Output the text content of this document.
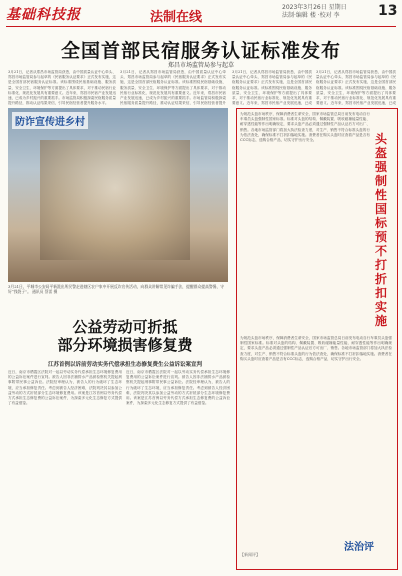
基础科技报	法制在线
2023年3月26日 星期日
法制·编辑 楼 ·校对 李	13
全国首部民宿服务认证标准发布
郑昌市场监管局参与起草
3月21日，记者从郑昌市场监管局获悉，由中国质量认证中心牵头、郑昌市场监管局参与起草的《民宿服务认证要求》正式发布实施，这是全国首部民宿服务认证标准。该标准围绕民宿基础设施、服务质量、安全卫生、环境保护等方面提出了具体要求，对于推动民宿行业标准化、规范化发展具有重要意义。近年来，郑昌市民宿产业发展迅速，已成为乡村振兴的重要抓手。市场监管局积极探索民宿服务质量提升路径，推动认证结果采信，引导民宿经营者提升服务水平。
3月21日，记者从郑昌市场监管局获悉，由中国质量认证中心牵头、郑昌市场监管局参与起草的《民宿服务认证要求》正式发布实施，这是全国首部民宿服务认证标准。该标准围绕民宿基础设施、服务质量、安全卫生、环境保护等方面提出了具体要求，对于推动民宿行业标准化、规范化发展具有重要意义。近年来，郑昌市民宿产业发展迅速，已成为乡村振兴的重要抓手。市场监管局积极探索民宿服务质量提升路径，推动认证结果采信，引导民宿经营者提升
3月21日，记者从郑昌市场监管局获悉，由中国质量认证中心牵头、郑昌市场监管局参与起草的《民宿服务认证要求》正式发布实施，这是全国首部民宿服务认证标准。该标准围绕民宿基础设施、服务质量、安全卫生、环境保护等方面提出了具体要求，对于推动民宿行业标准化、规范化发展具有重要意义。近年来，郑昌市民宿产业发展迅速，已成
3月21日，记者从郑昌市场监管局获悉，由中国质量认证中心牵头、郑昌市场监管局参与起草的《民宿服务认证要求》正式发布实施，这是全国首部民宿服务认证标准。该标准围绕民宿基础设施、服务质量、安全卫生、环境保护等方面提出了具体要求，对于推动民宿行业标准化、规范化发展具有重要意义。近年来，郑昌市民宿产业发展迅速，已成
防诈宣传进乡村
3月21日，平城市公安局平新派出所民警走进辖区农户家中开展反诈宣传活动，向群众讲解常见诈骗手法，提醒群众提高警惕，守好“钱袋子”。 通讯员 蔡雷 摄
公益劳动可折抵
部分环境损害修复费
江苏首例以诉前劳动实务代偿承担生态修复费生公益诉讼案宣判
近日，南京市栖霞区法院对一起以劳动实务代偿承担生态环境修复费用的公益诉讼案件进行宣判。被告人因非法捕捞水产品被检察机关提起刑事附带民事公益诉讼。法院经审理认为，被告人的行为破坏了生态环境，应当承担修复责任。考虑到被告人经济困难，法院判决其以参加公益劳动的方式折抵部分生态环境修复费用。该案是江苏首例以劳务代偿方式承担生态修复费的公益诉讼案件，为探索多元化生态修复方式提供了有益借鉴。
近日，南京市栖霞区法院对一起以劳动实务代偿承担生态环境修复费用的公益诉讼案件进行宣判。被告人因非法捕捞水产品被检察机关提起刑事附带民事公益诉讼。法院经审理认为，被告人的行为破坏了生态环境，应当承担修复责任。考虑到被告人经济困难，法院判决其以参加公益劳动的方式折抵部分生态环境修复费用。该案是江苏首例以劳务代偿方式承担生态修复费的公益诉讼案件，为探索多元化生态修复方式提供了有益借鉴。
为规范头盔市场秩序，保障消费者生命安全，国家市场监管总局日前发布电动自行车乘员头盔强制性国家标准。标准对头盔的结构、佩戴装置、吸收碰撞能量性能、耐穿透性能等作出明确规定，要求头盔产品必须通过强制性产品认证后方可出厂、销售。各地市场监管部门将加大执法检查力度，对生产、销售不符合标准头盔的行为依法查处，确保标准不打折扣落地实施。消费者在购买头盔时应查看产品是否有CCC标志，选购合格产品，切实守护出行安全。	头盔强制性国标预不打折扣实施
为规范头盔市场秩序，保障消费者生命安全，国家市场监管总局日前发布电动自行车乘员头盔强制性国家标准。标准对头盔的结构、佩戴装置、吸收碰撞能量性能、耐穿透性能等作出明确规定，要求头盔产品必须通过强制性产品认证后方可出厂、销售。各地市场监管部门将加大执法检查力度，对生产、销售不符合标准头盔的行为依法查处，确保标准不打折扣落地实施。消费者在购买头盔时应查看产品是否有CCC标志，选购合格产品，切实守护出行安全。
法治评
【新闻评】
